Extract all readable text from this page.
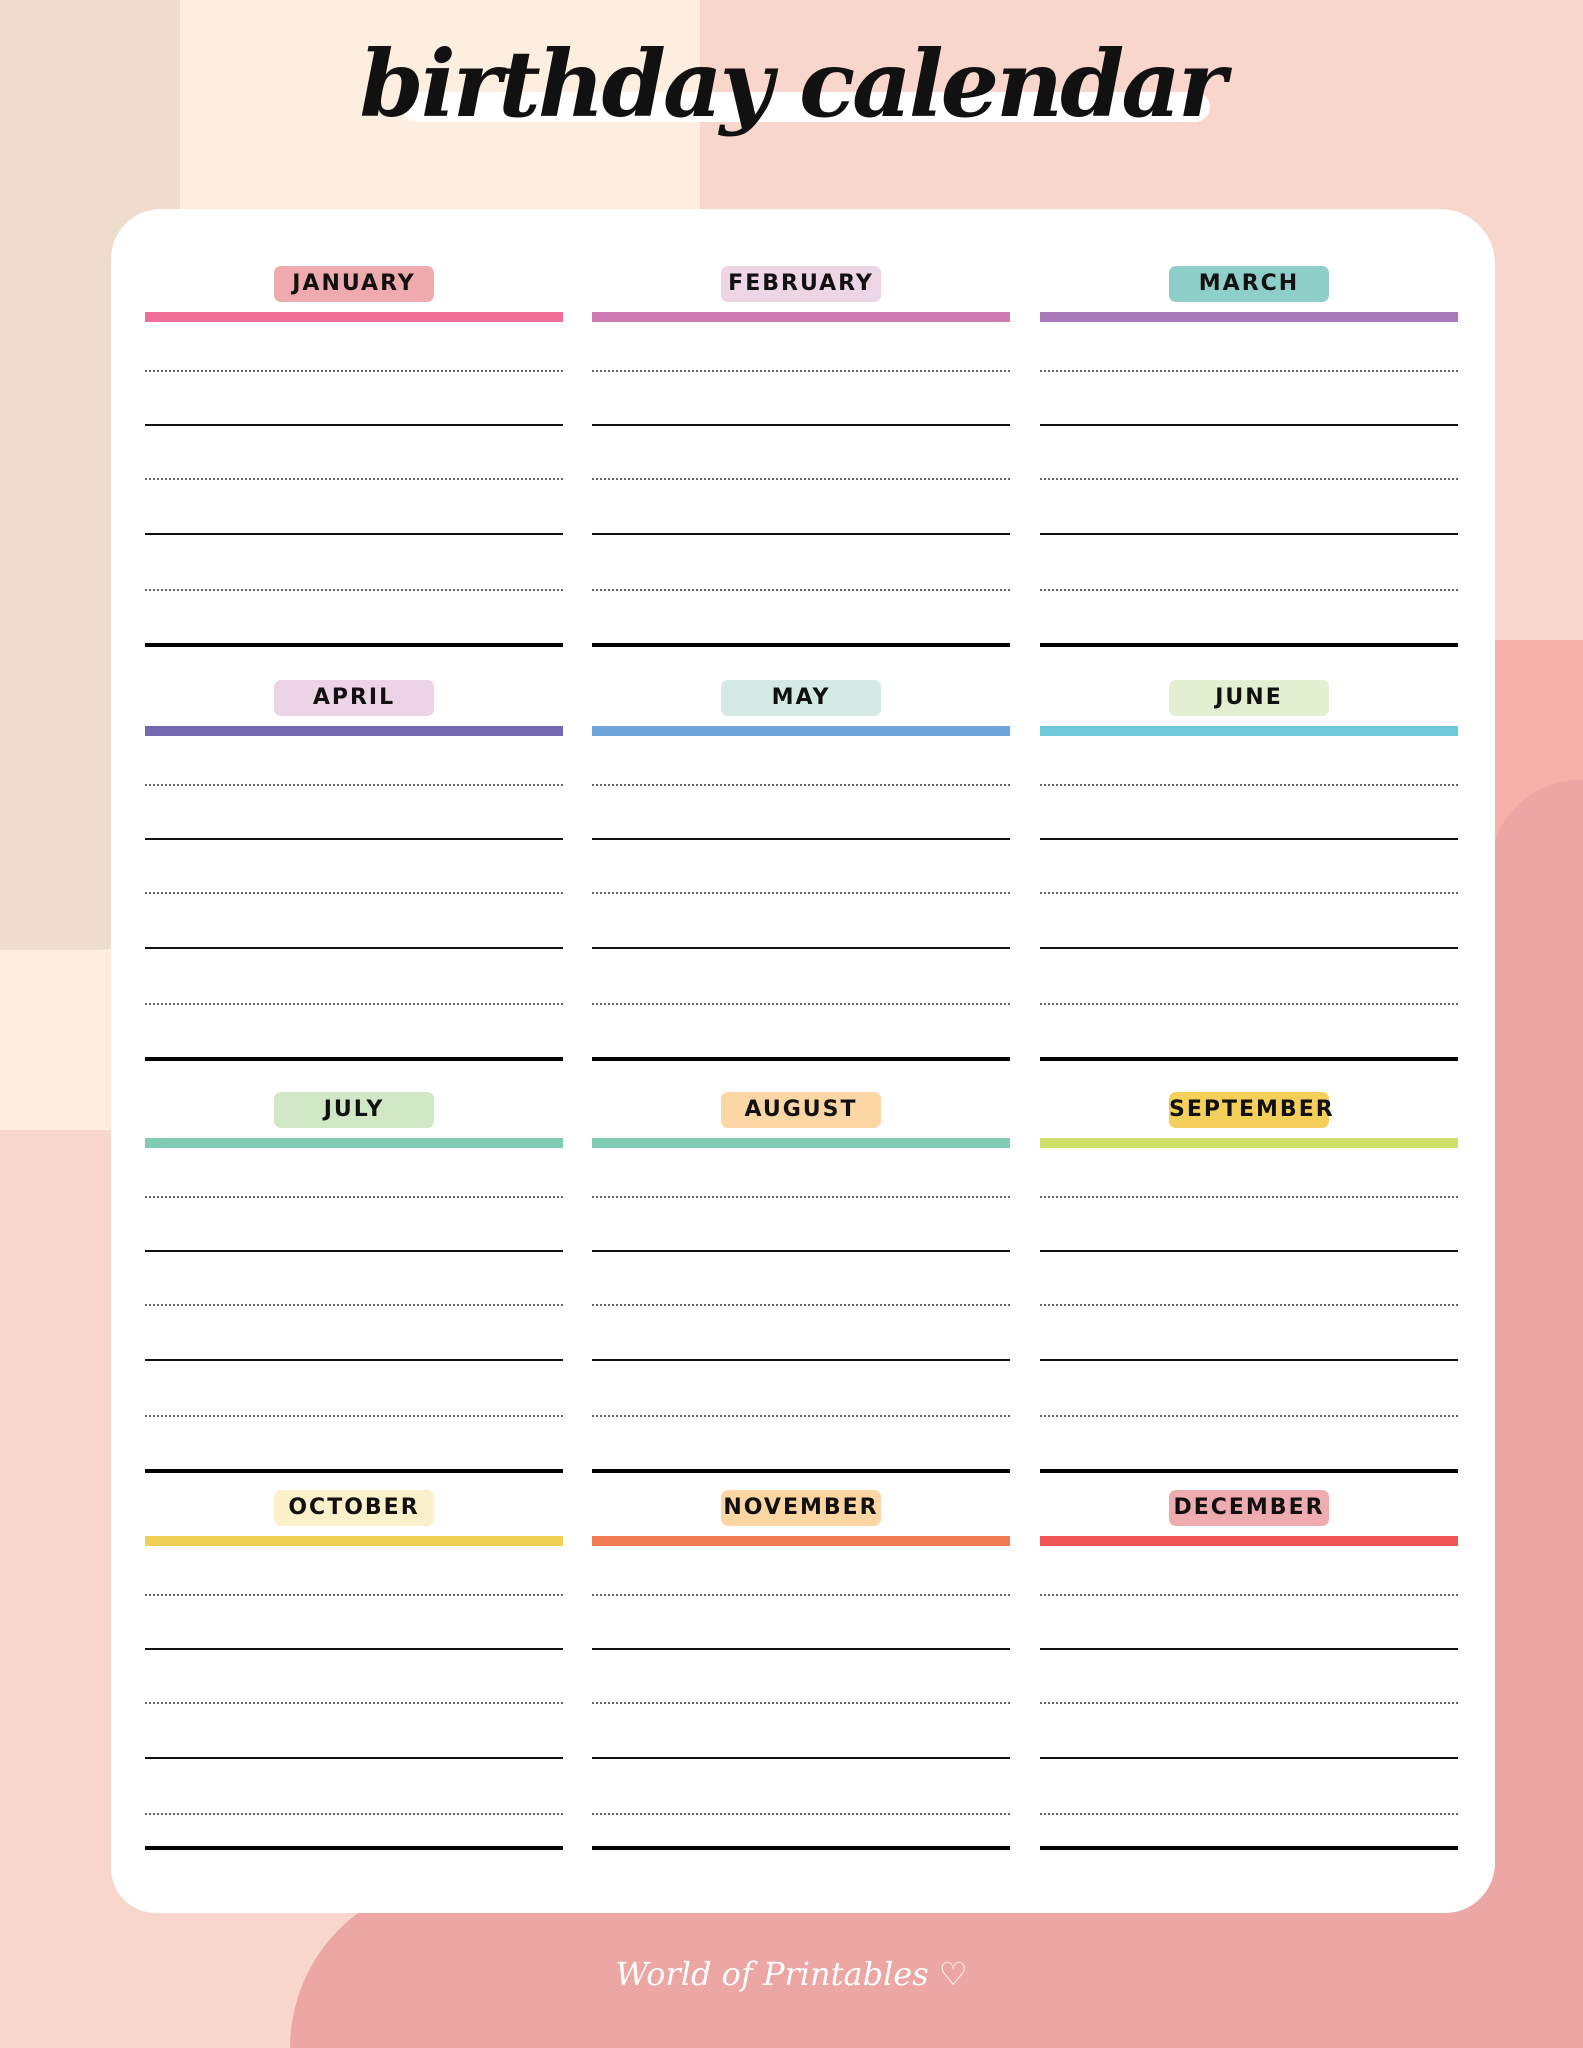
birthday calendar
JANUARY	FEBRUARY	MARCH
APRIL	MAY	JUNE
JULY	AUGUST	SEPTEMBER
OCTOBER	NOVEMBER	DECEMBER
World of Printables ♡
